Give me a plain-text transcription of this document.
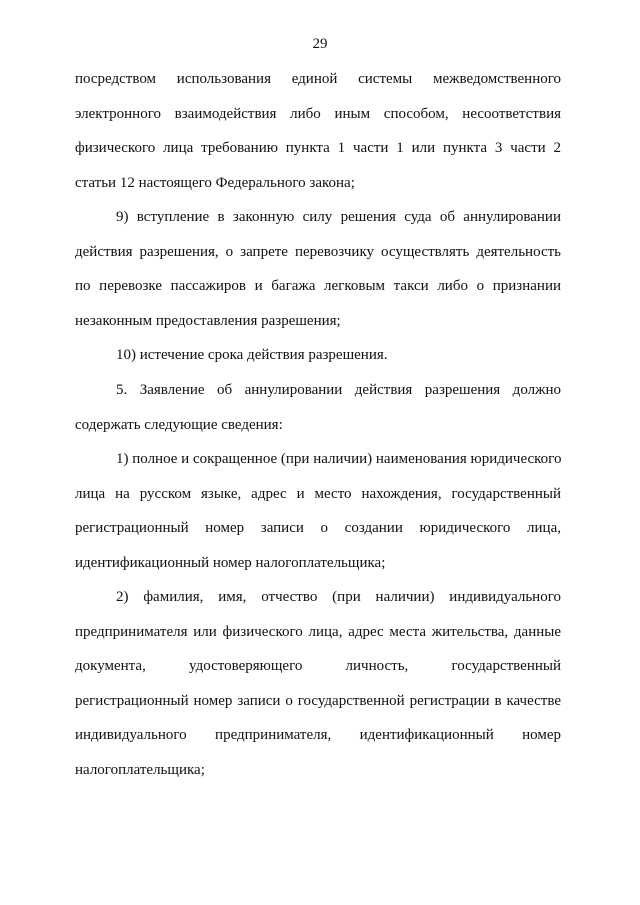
29
посредством использования единой системы межведомственного
электронного взаимодействия либо иным способом, несоответствия
физического лица требованию пункта 1 части 1 или пункта 3 части 2
статьи 12 настоящего Федерального закона;
9) вступление в законную силу решения суда об аннулировании
действия разрешения, о запрете перевозчику осуществлять деятельность
по перевозке пассажиров и багажа легковым такси либо о признании
незаконным предоставления разрешения;
10) истечение срока действия разрешения.
5. Заявление об аннулировании действия разрешения должно
содержать следующие сведения:
1) полное и сокращенное (при наличии) наименования юридического
лица на русском языке, адрес и место нахождения, государственный
регистрационный номер записи о создании юридического лица,
идентификационный номер налогоплательщика;
2) фамилия, имя, отчество (при наличии) индивидуального
предпринимателя или физического лица, адрес места жительства, данные
документа, удостоверяющего личность, государственный
регистрационный номер записи о государственной регистрации в качестве
индивидуального предпринимателя, идентификационный номер
налогоплательщика;
